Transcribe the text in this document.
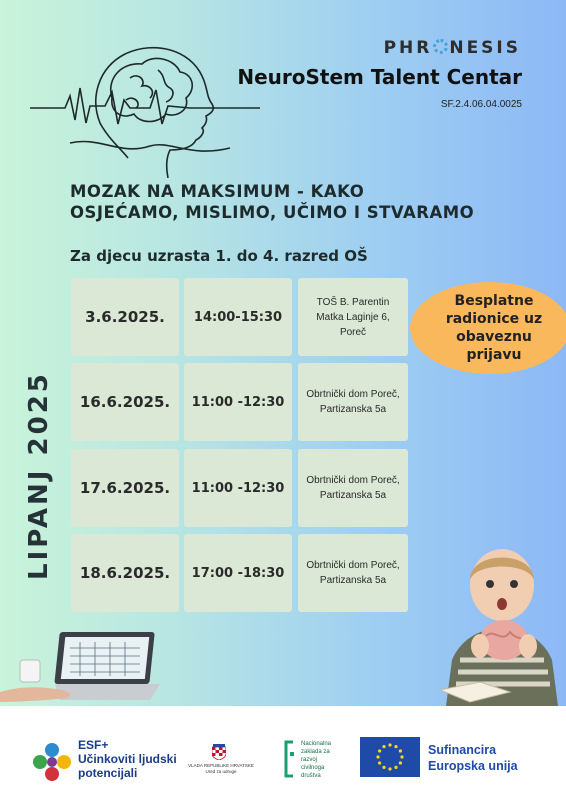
PHR NESIS
NeuroStem Talent Centar
SF.2.4.06.04.0025
MOZAK NA MAKSIMUM - KAKO
OSJEĆAMO, MISLIMO, UČIMO I STVARAMO
Za djecu uzrasta 1. do 4. razred OŠ
LIPANJ 2025
3.6.2025.	14:00-15:30
TOŠ B. Parentin
Matka Laginje 6,
Poreč
16.6.2025.	11:00 -12:30	Obrtnički dom Poreč,
Partizanska 5a
17.6.2025.	11:00 -12:30	Obrtnički dom Poreč,
Partizanska 5a
18.6.2025.	17:00 -18:30	Obrtnički dom Poreč,
Partizanska 5a
Besplatne
radionice uz
obaveznu
prijavu
ESF+
Učinkoviti ljudski
potencijali
VLADA REPUBLIKE HRVATSKE
Ured za udruge
Nacionalna
zaklada za
razvoj
civilnoga
društva
Sufinancira
Europska unija
